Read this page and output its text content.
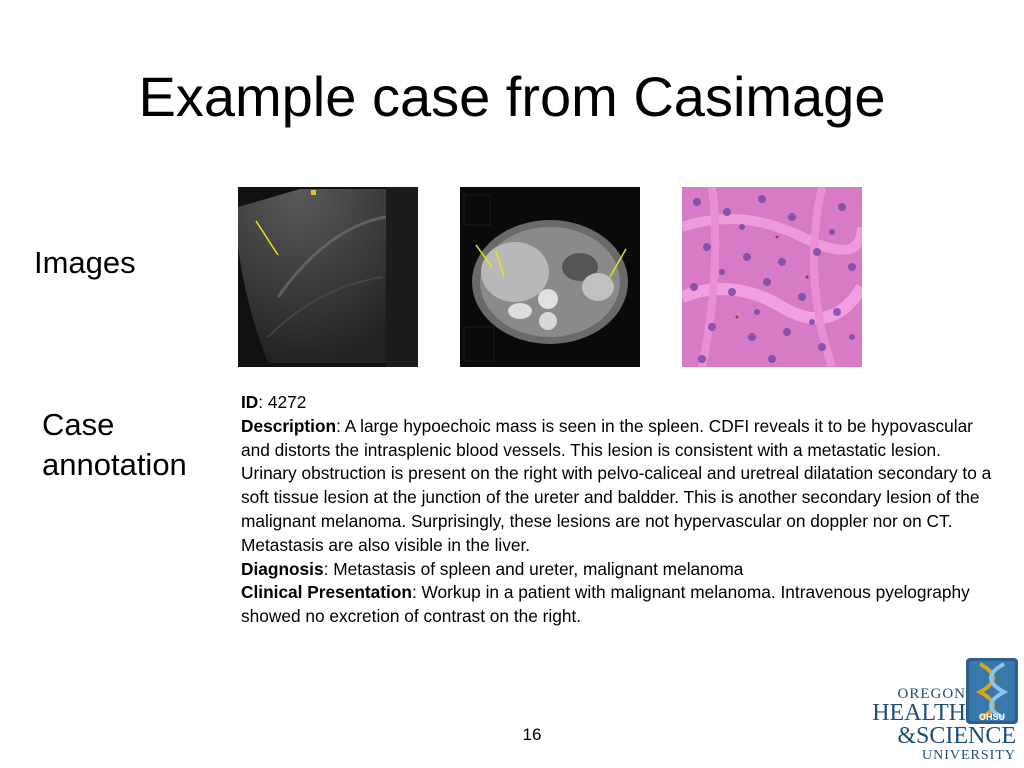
Example case from Casimage
Images
Case annotation

ID: 4272

Description: A large hypoechoic mass is seen in the spleen. CDFI reveals it to be hypovascular and distorts the intrasplenic blood vessels. This lesion is consistent with a metastatic lesion. Urinary obstruction is present on the right with pelvo-caliceal and uretreal dilatation secondary to a soft tissue lesion at the junction of the ureter and baldder. This is another secondary lesion of the malignant melanoma. Surprisingly, these lesions are not hypervascular on doppler nor on CT. Metastasis are also visible in the liver.

Diagnosis: Metastasis of spleen and ureter, malignant melanoma

Clinical Presentation: Workup in a patient with malignant melanoma. Intravenous pyelography showed no excretion of contrast on the right.

16
OHSU
OREGON
HEALTH
&SCIENCE
UNIVERSITY
